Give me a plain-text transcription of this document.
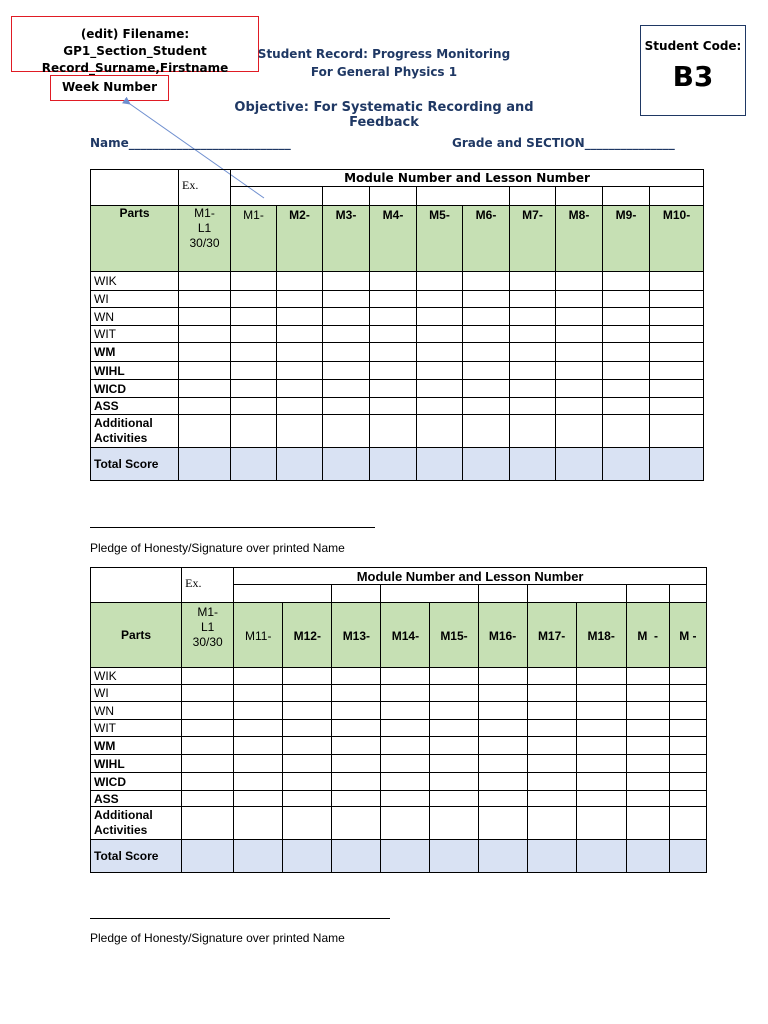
(edit) Filename: GP1_Section_Student
Record_Surname,Firstname
Week Number
Student Record: Progress Monitoring
For General Physics 1
Objective: For Systematic Recording and Feedback
Student Code:
B3
Name___________________________	Grade and SECTION_______________
	Ex.	Module Number and Lesson Number									

Parts	M1-
L1
30/30	M1-	M2-	M3-	M4-	M5-	M6-	M7-	M8-	M9-	M10-
WIK											
WI											
WN											
WIT											
WM											
WIHL											
WICD											
ASS											
Additional Activities											
Total Score											
Pledge of Honesty/Signature over printed Name
	Ex.	Module Number and Lesson Number									

Parts	M1-
L1
30/30	M11-	M12-	M13-	M14-	M15-	M16-	M17-	M18-	M  -	M -
WIK											
WI											
WN											
WIT											
WM											
WIHL											
WICD											
ASS											
Additional Activities											
Total Score											
Pledge of Honesty/Signature over printed Name
